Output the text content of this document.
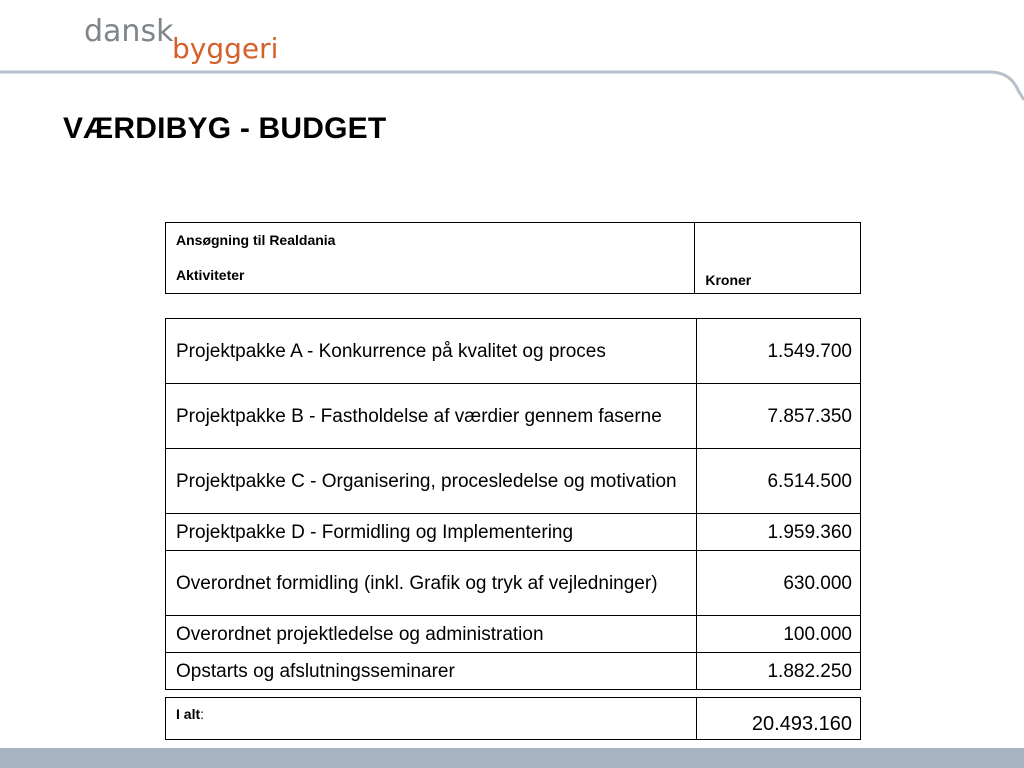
dansk
byggeri
VÆRDIBYG - BUDGET
Ansøgning til Realdania
Aktiviteter	Kroner
Projektpakke A - Konkurrence på kvalitet og proces	1.549.700
Projektpakke B - Fastholdelse af værdier gennem faserne	7.857.350
Projektpakke C - Organisering, procesledelse og motivation	6.514.500
Projektpakke D - Formidling og Implementering	1.959.360
Overordnet formidling (inkl. Grafik og tryk af vejledninger)	630.000
Overordnet projektledelse og administration	100.000
Opstarts og afslutningsseminarer	1.882.250
I alt:	20.493.160
